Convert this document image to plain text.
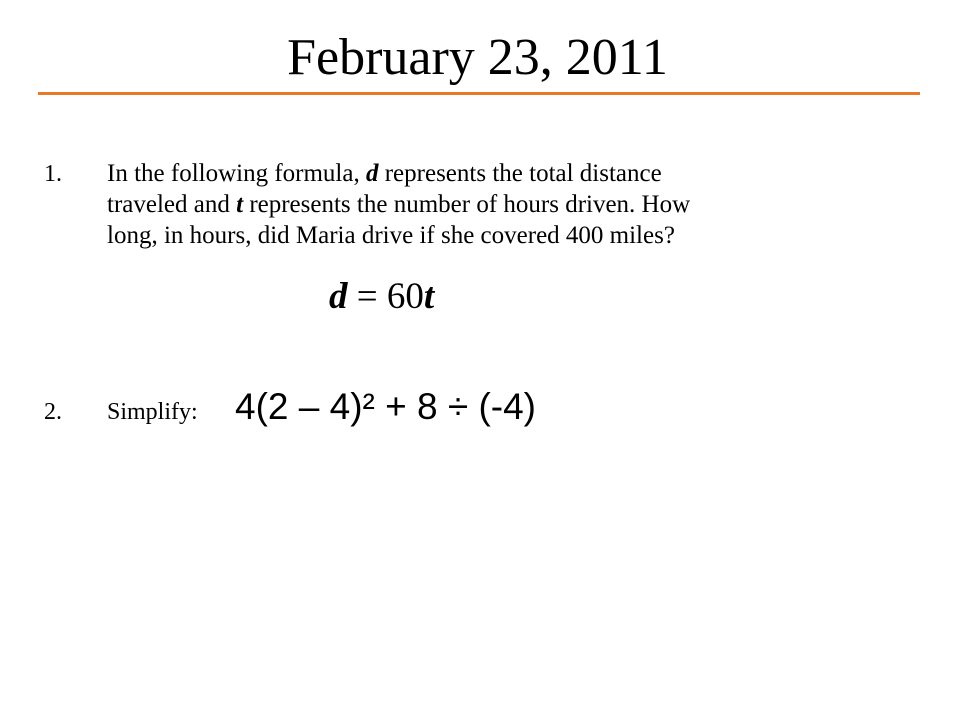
February 23, 2011
1. In the following formula, d represents the total distance
traveled and t represents the number of hours driven. How
long, in hours, did Maria drive if she covered 400 miles?
d = 60t
2. Simplify: 4(2 – 4)² + 8 ÷ (-4)
